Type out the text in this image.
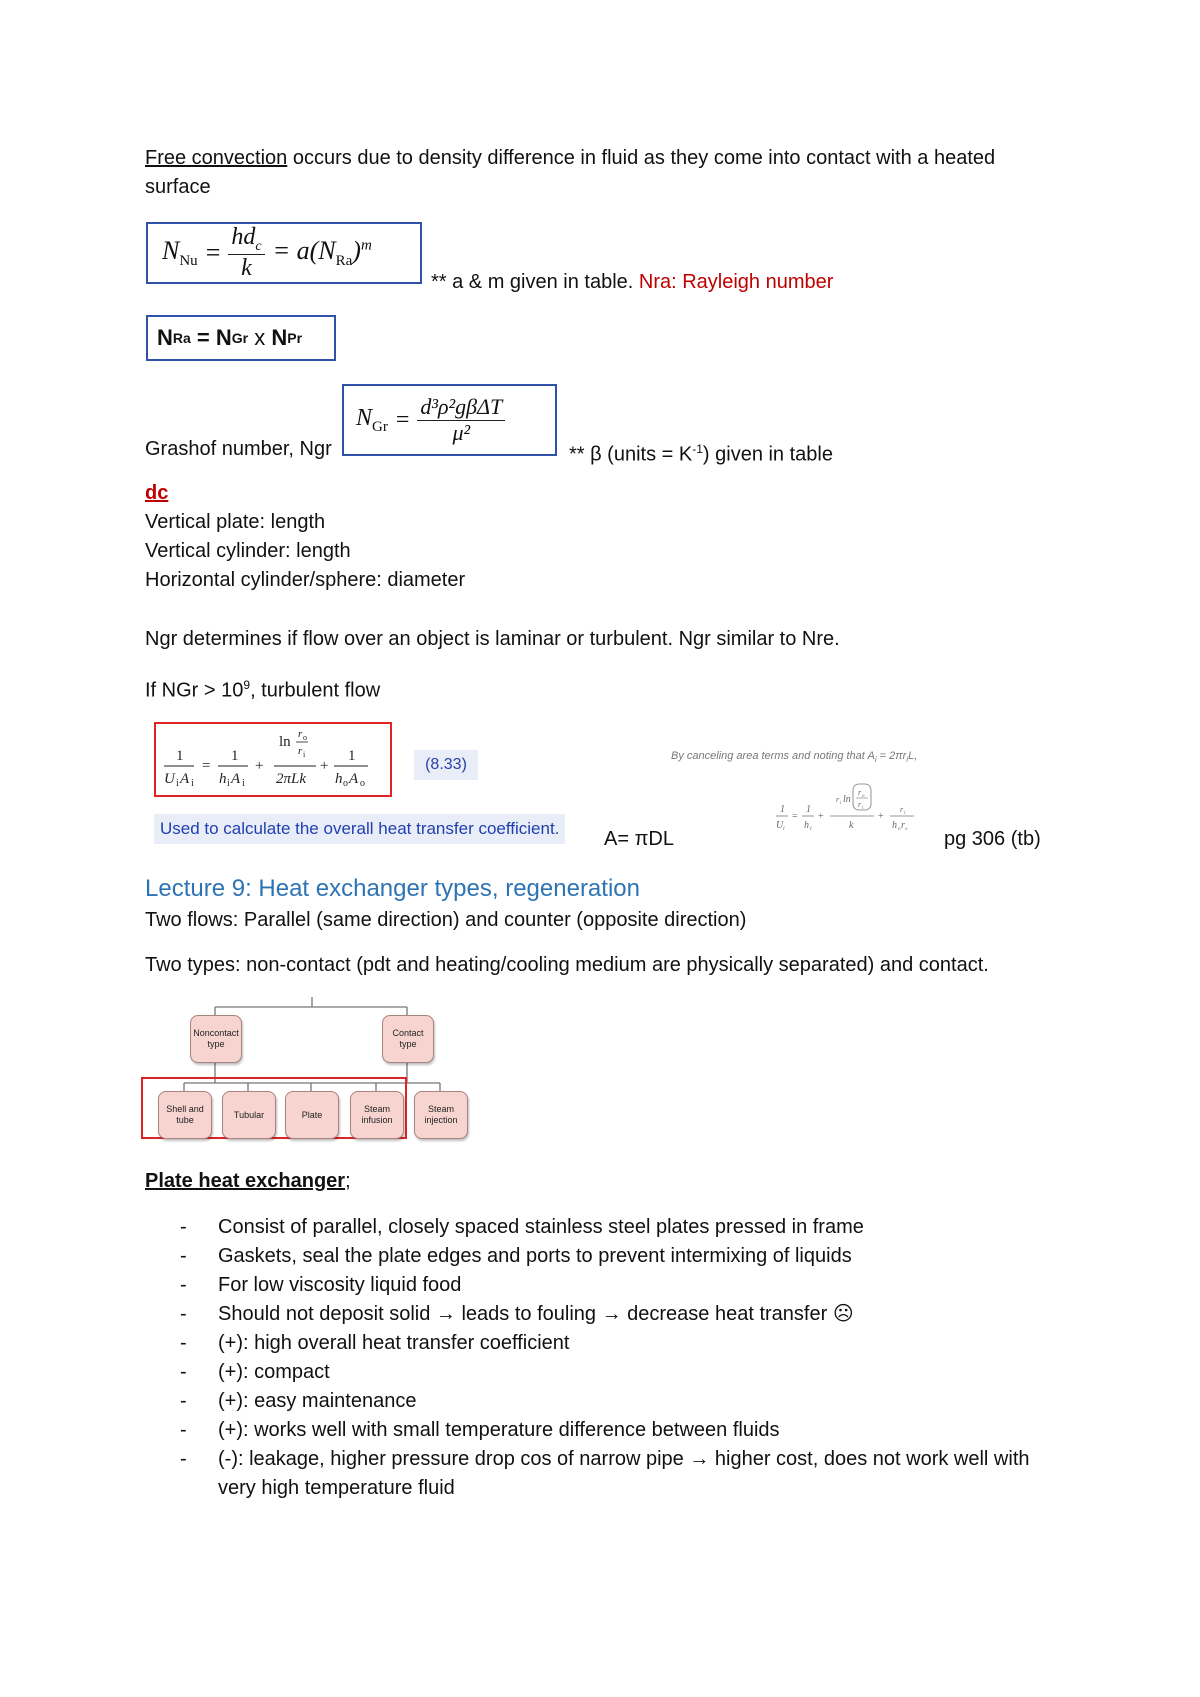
Free convection occurs due to density difference in fluid as they come into contact with a heated
surface
$N_{Nu} = \frac{hd_c}{k} = a(N_{Ra})^m$
** a & m given in table. Nra: Rayleigh number
N Ra = N Gr x N Pr
Grashof number, Ngr
$N_{Gr} = \frac{\text{d³ρ²gβΔT}}{\text{μ²}}$
** β (units = $K^{-1}$) given in table
dc
Vertical plate: length
Vertical cylinder: length
Horizontal cylinder/sphere: diameter
Ngr determines if flow over an object is laminar or turbulent. Ngr similar to Nre.
If NGr > $10^9$, turbulent flow
1
U i A i
=
1
h i A i
+
ln r o
r i
2πLk
+
1
h o A o
(8.33)
Used to calculate the overall heat transfer coefficient.	A= πDL
By canceling area terms and noting that $A_i = 2\pi r_iL$,
1
U i
=
1
h i
+
r i ln
r o
r i
k
+
r i
h o r o pg 306 (tb)
Lecture 9: Heat exchanger types, regeneration
Two flows: Parallel (same direction) and counter (opposite direction)
Two types: non-contact (pdt and heating/cooling medium are physically separated) and contact.
Noncontact type
Contact type
Shell and tube
Tubular	Plate
Steam infusion
Steam injection
Plate heat exchanger;
- Consist of parallel, closely spaced stainless steel plates pressed in frame
- Gaskets, seal the plate edges and ports to prevent intermixing of liquids
- For low viscosity liquid food
- Should not deposit solid → leads to fouling → decrease heat transfer ☹
- (+): high overall heat transfer coefficient
- (+): compact
- (+): easy maintenance
- (+): works well with small temperature difference between fluids
- (-): leakage, higher pressure drop cos of narrow pipe → higher cost, does not work well with
very high temperature fluid
